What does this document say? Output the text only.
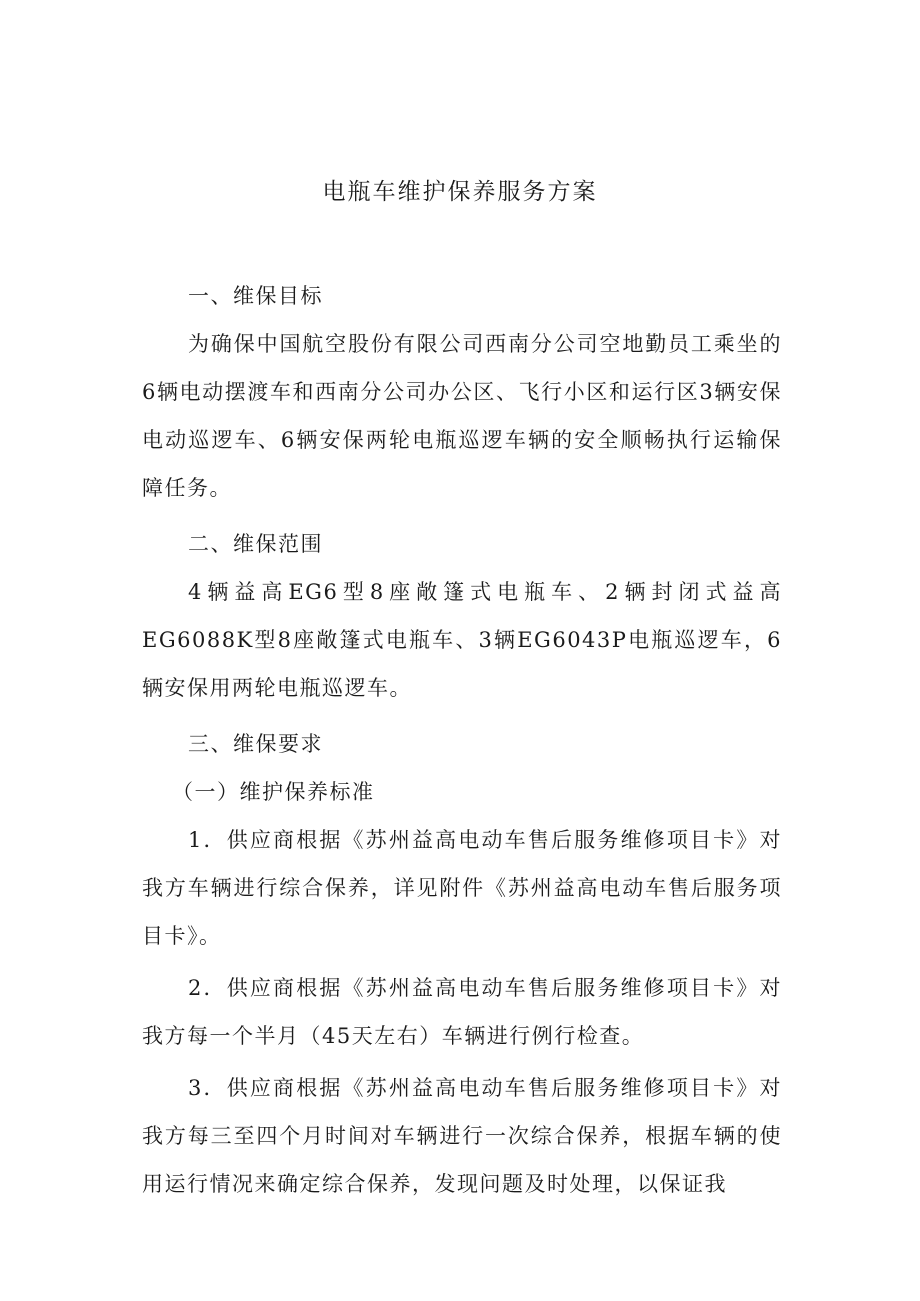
电瓶车维护保养服务方案

一、维保目标

为确保中国航空股份有限公司西南分公司空地勤员工乘坐的6辆电动摆渡车和西南分公司办公区、飞行小区和运行区3辆安保电动巡逻车、6辆安保两轮电瓶巡逻车辆的安全顺畅执行运输保障任务。

二、维保范围

4辆益高EG6型8座敞篷式电瓶车、2辆封闭式益高EG6088K型8座敞篷式电瓶车、3辆EG6043P电瓶巡逻车，6辆安保用两轮电瓶巡逻车。

三、维保要求

（一）维护保养标准

1．供应商根据《苏州益高电动车售后服务维修项目卡》对我方车辆进行综合保养，详见附件《苏州益高电动车售后服务项目卡》。

2．供应商根据《苏州益高电动车售后服务维修项目卡》对我方每一个半月（45天左右）车辆进行例行检查。

3．供应商根据《苏州益高电动车售后服务维修项目卡》对我方每三至四个月时间对车辆进行一次综合保养，根据车辆的使用运行情况来确定综合保养，发现问题及时处理，以保证我
